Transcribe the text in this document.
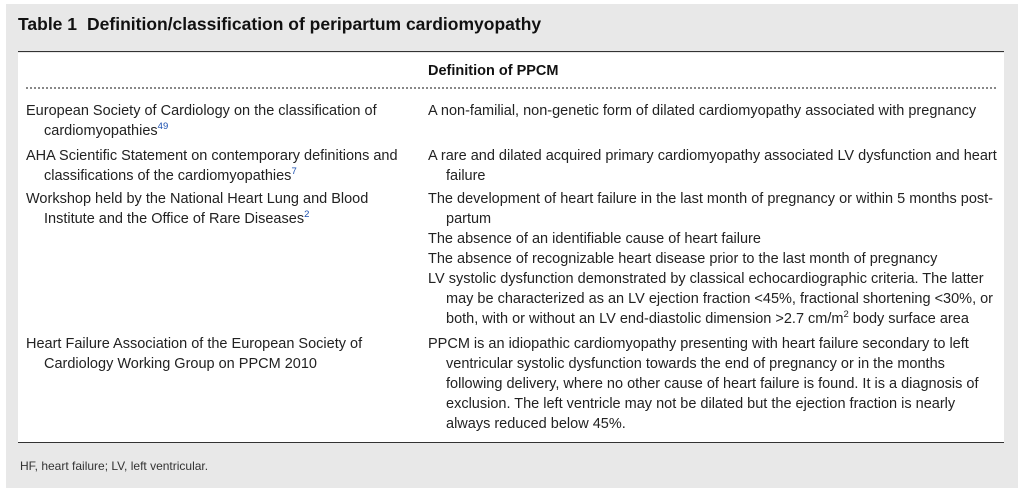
Table 1 Definition/classification of peripartum cardiomyopathy
Definition of PPCM
European Society of Cardiology on the classification of cardiomyopathies$^{49}$
A non-familial, non-genetic form of dilated cardiomyopathy associated with pregnancy
AHA Scientific Statement on contemporary definitions and classifications of the cardiomyopathies$^7$
A rare and dilated acquired primary cardiomyopathy associated LV dysfunction and heart failure
Workshop held by the National Heart Lung and Blood Institute and the Office of Rare Diseases$^2$
The development of heart failure in the last month of pregnancy or within 5 months post-partum
The absence of an identifiable cause of heart failure
The absence of recognizable heart disease prior to the last month of pregnancy
LV systolic dysfunction demonstrated by classical echocardiographic criteria. The latter may be characterized as an LV ejection fraction <45%, fractional shortening <30%, or both, with or without an LV end-diastolic dimension >2.7 $cm/m^2$ body surface area
Heart Failure Association of the European Society of Cardiology Working Group on PPCM 2010
PPCM is an idiopathic cardiomyopathy presenting with heart failure secondary to left ventricular systolic dysfunction towards the end of pregnancy or in the months following delivery, where no other cause of heart failure is found. It is a diagnosis of exclusion. The left ventricle may not be dilated but the ejection fraction is nearly always reduced below 45%.
HF, heart failure; LV, left ventricular.
